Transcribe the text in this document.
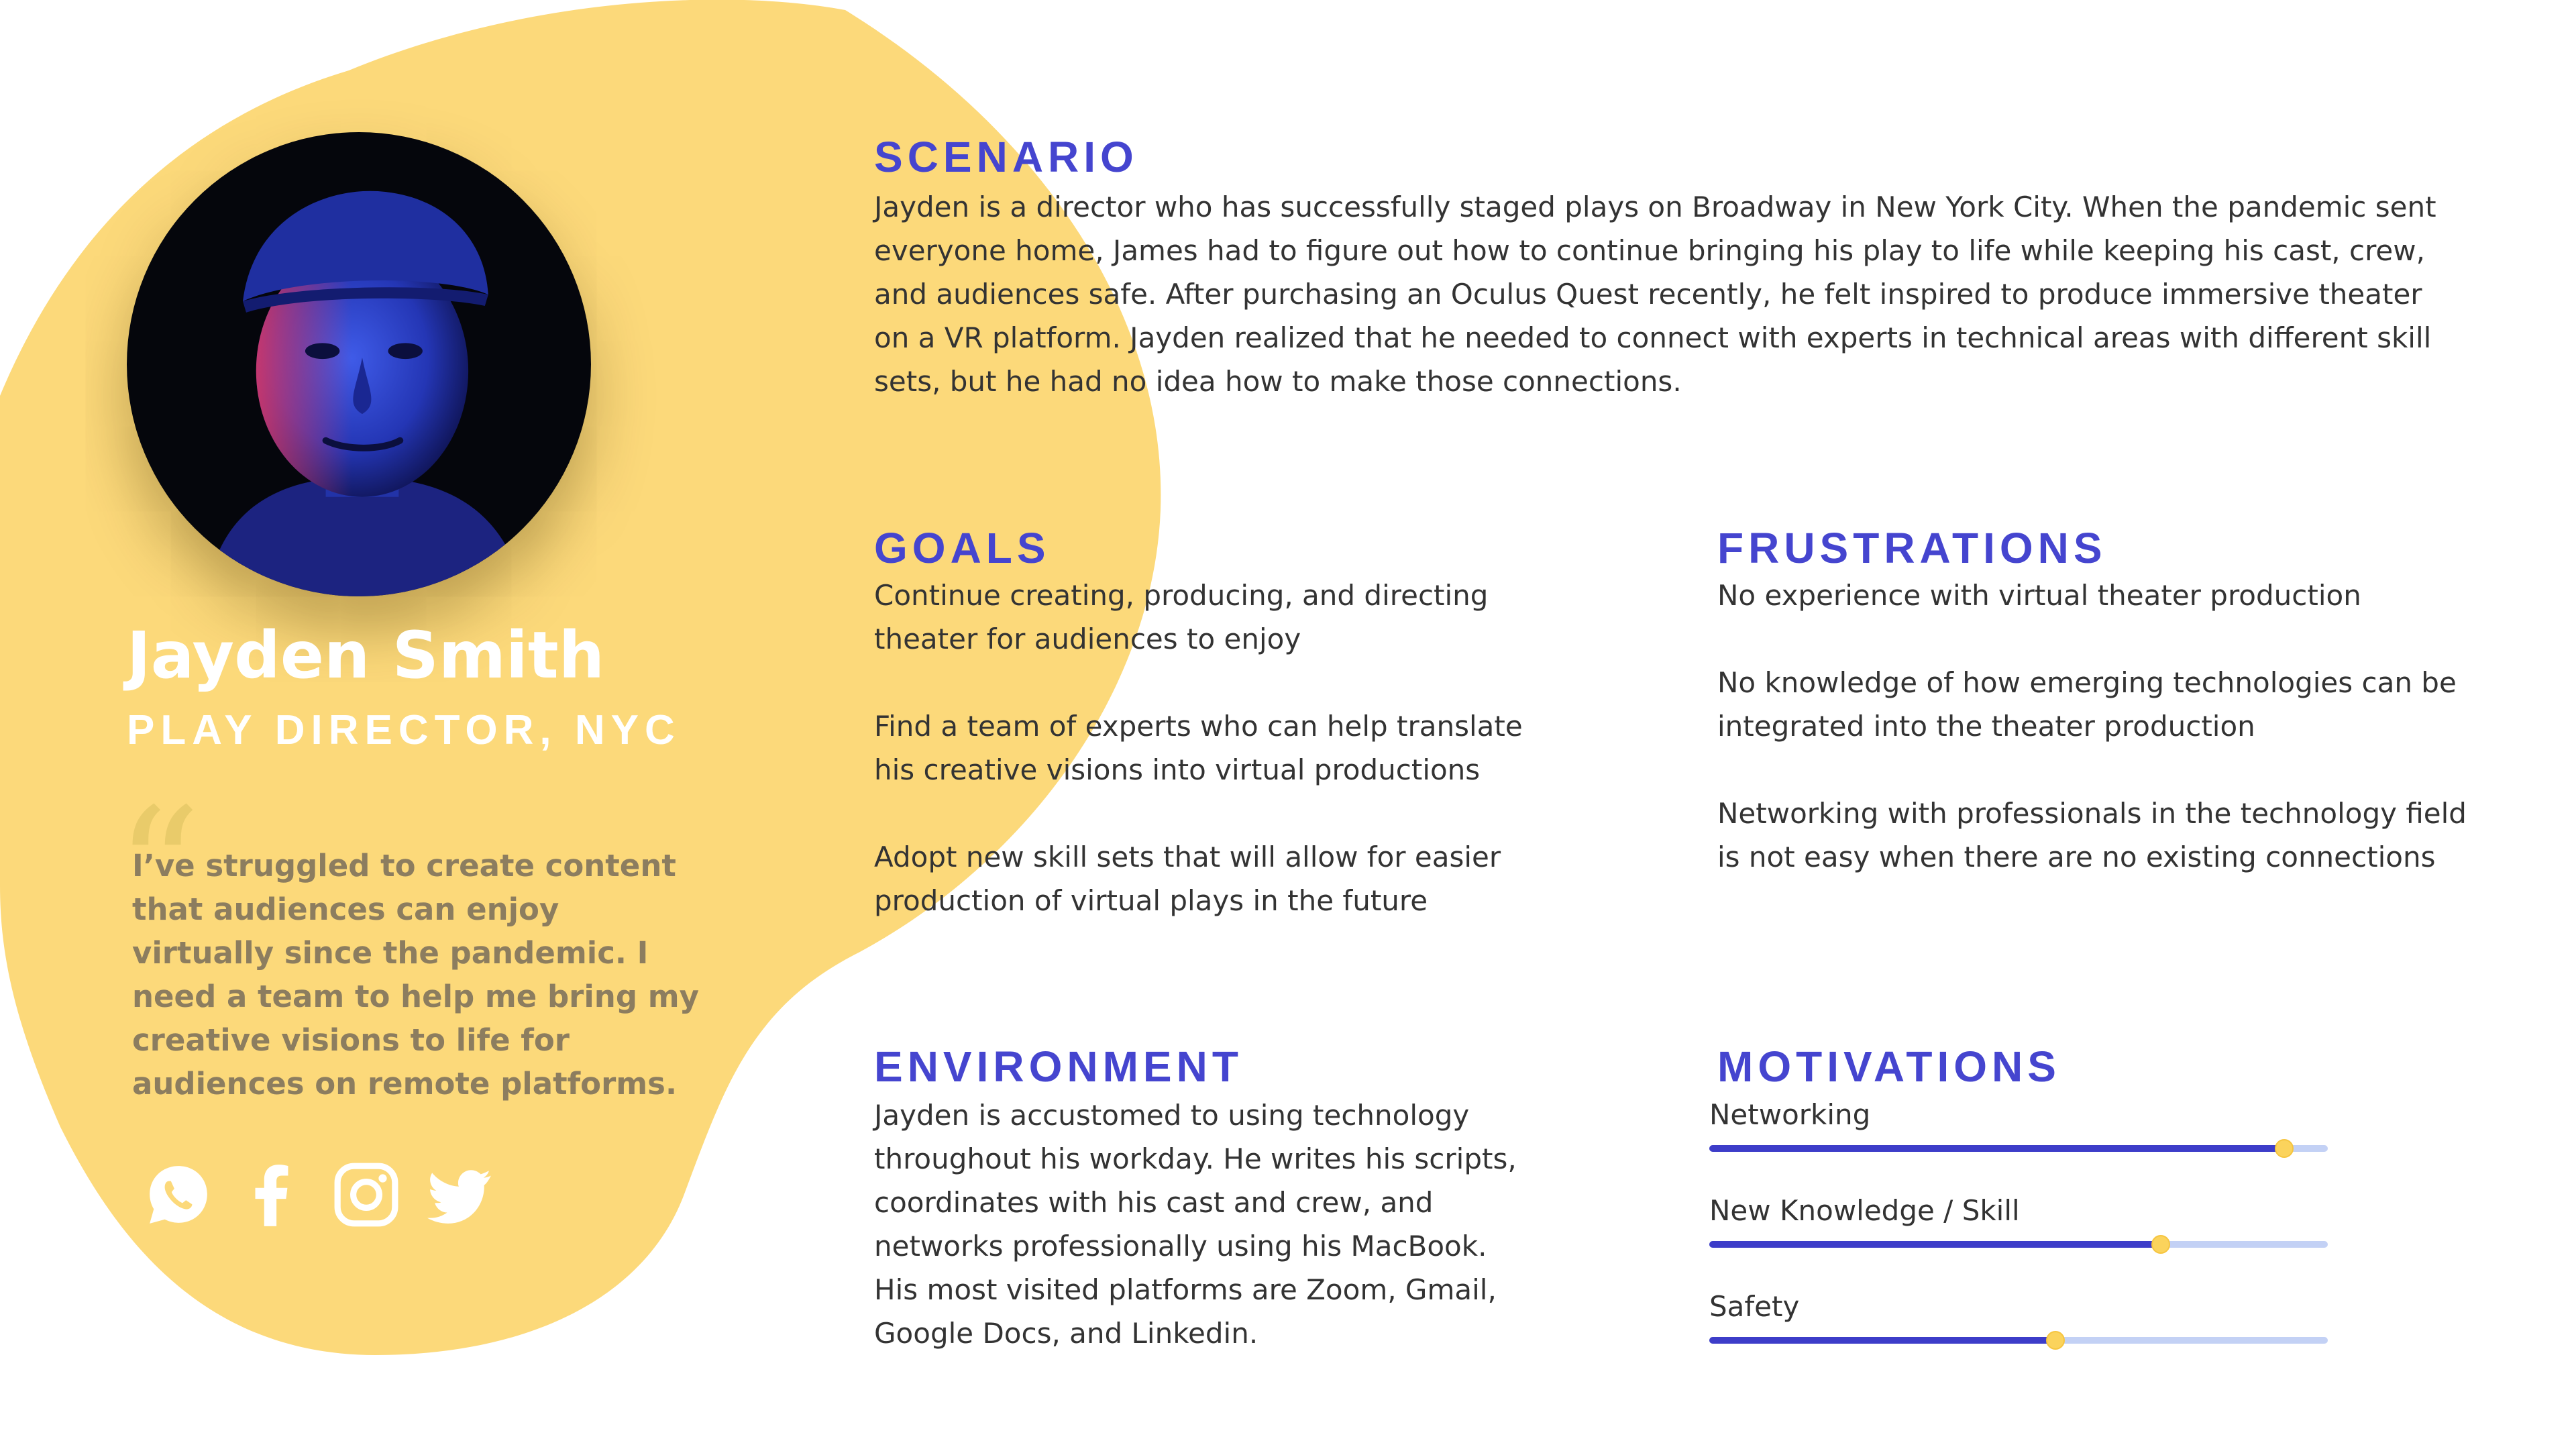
Jayden Smith
PLAY DIRECTOR, NYC
“

I’ve struggled to create content that audiences can enjoy virtually since the pandemic. I need a team to help me bring my creative visions to life for audiences on remote platforms.

SCENARIO

Jayden is a director who has successfully staged plays on Broadway in New York City. When the pandemic sent everyone home, James had to figure out how to continue bringing his play to life while keeping his cast, crew, and audiences safe. After purchasing an Oculus Quest recently, he felt inspired to produce immersive theater on a VR platform. Jayden realized that he needed to connect with experts in technical areas with different skill sets, but he had no idea how to make those connections.

GOALS
Continue creating, producing, and directing theater for audiences to enjoy
Find a team of experts who can help translate his creative visions into virtual productions
Adopt new skill sets that will allow for easier production of virtual plays in the future
FRUSTRATIONS
No experience with virtual theater production
No knowledge of how emerging technologies can be integrated into the theater production
Networking with professionals in the technology field is not easy when there are no existing connections
ENVIRONMENT

Jayden is accustomed to using technology throughout his workday. He writes his scripts, coordinates with his cast and crew, and networks professionally using his MacBook. His most visited platforms are Zoom, Gmail, Google Docs, and Linkedin.

MOTIVATIONS
Networking
New Knowledge / Skill
Safety
